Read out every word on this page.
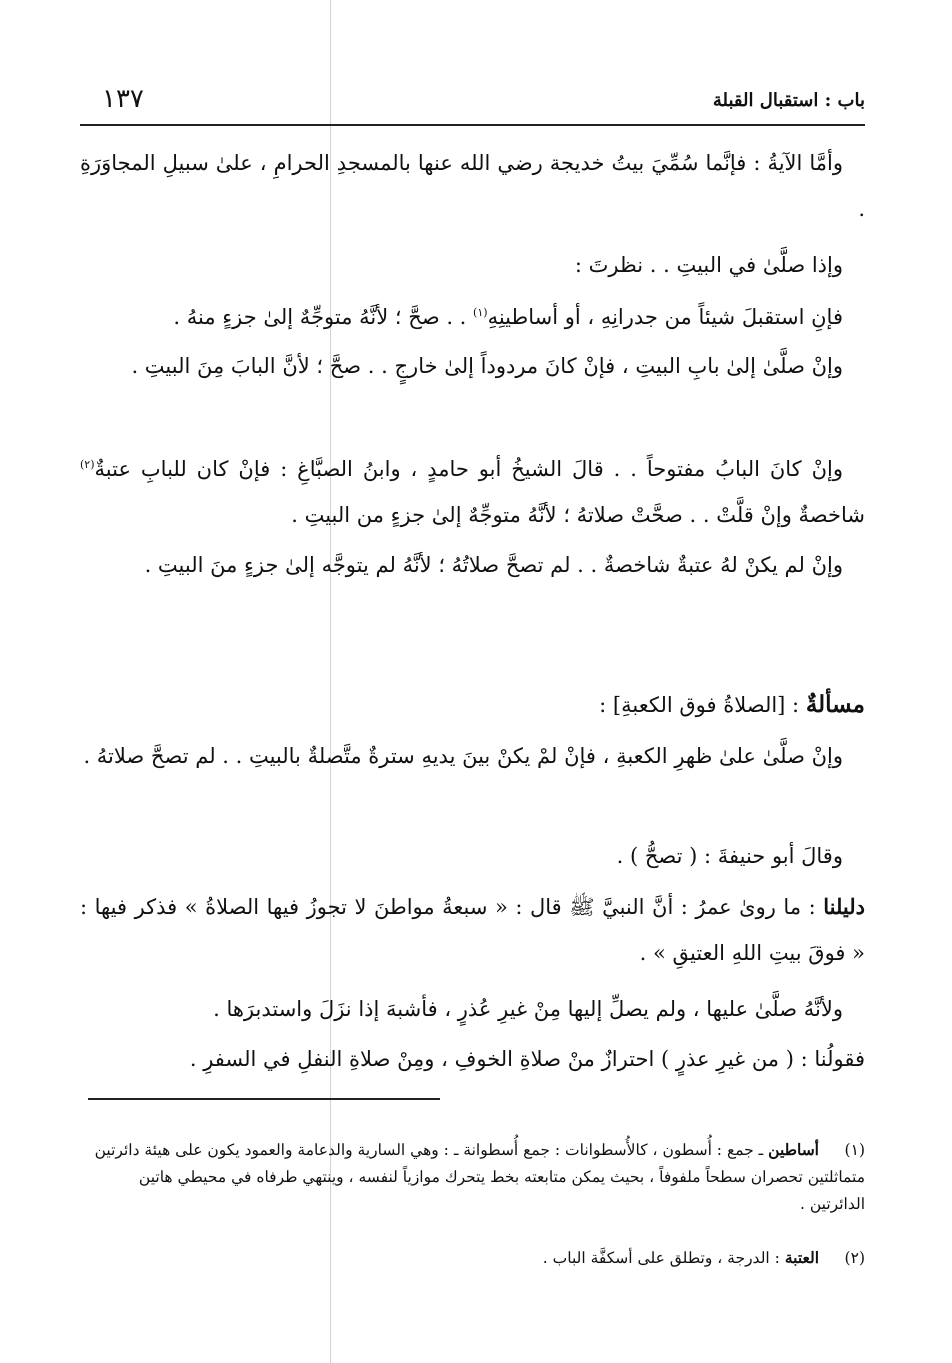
باب : استقبال القبلة
١٣٧

وأمَّا الآيةُ : فإنَّما سُمِّيَ بيتُ خديجة رضي الله عنها بالمسجدِ الحرامِ ، علىٰ سبيلِ المجاوَرَةِ .

وإذا صلَّىٰ في البيتِ . . نظرتَ :

فإنِ استقبلَ شيئاً من جدرانِهِ ، أو أساطينِهِ$^{(١)}$ . . صحَّ ؛ لأنَّهُ متوجِّهٌ إلىٰ جزءٍ منهُ .

وإنْ صلَّىٰ إلىٰ بابِ البيتِ ، فإنْ كانَ مردوداً إلىٰ خارجٍ . . صحَّ ؛ لأنَّ البابَ مِنَ البيتِ .

وإنْ كانَ البابُ مفتوحاً . . قالَ الشيخُ أبو حامدٍ ، وابنُ الصبَّاغِ : فإنْ كان للبابِ عتبةٌ$^{(٢)}$ شاخصةٌ وإنْ قلَّتْ . . صحَّتْ صلاتهُ ؛ لأنَّهُ متوجِّهٌ إلىٰ جزءٍ من البيتِ .

وإنْ لم يكنْ لهُ عتبةٌ شاخصةٌ . . لم تصحَّ صلاتُهُ ؛ لأنَّهُ لم يتوجَّه إلىٰ جزءٍ منَ البيتِ .

مسألةٌ : [الصلاةُ فوق الكعبةِ] :

وإنْ صلَّىٰ علىٰ ظهرِ الكعبةِ ، فإنْ لمْ يكنْ بينَ يديهِ سترةٌ متَّصلةٌ بالبيتِ . . لم تصحَّ صلاتهُ .

وقالَ أبو حنيفةَ : ( تصحُّ ) .

دليلنا : ما روىٰ عمرُ : أنَّ النبيَّ ﷺ قال : « سبعةُ مواطنَ لا تجوزُ فيها الصلاةُ » فذكر فيها : « فوقَ بيتِ اللهِ العتيقِ » .

ولأنَّهُ صلَّىٰ عليها ، ولم يصلِّ إليها مِنْ غيرِ عُذرٍ ، فأشبهَ إذا نزَلَ واستدبرَها .

فقولُنا : ( من غيرِ عذرٍ ) احترازٌ منْ صلاةِ الخوفِ ، ومِنْ صلاةِ النفلِ في السفرِ .

(١)أساطين ـ جمع : أُسطون ، كالأُسطوانات : جمع أُسطوانة ـ : وهي السارية والدعامة والعمود يكون على هيئة دائرتين متماثلتين تحصران سطحاً ملفوفاً ، بحيث يمكن متابعته بخط يتحرك موازياً لنفسه ، وينتهي طرفاه في محيطي هاتين الدائرتين .
(٢)العتبة : الدرجة ، وتطلق على أسكفَّة الباب .
